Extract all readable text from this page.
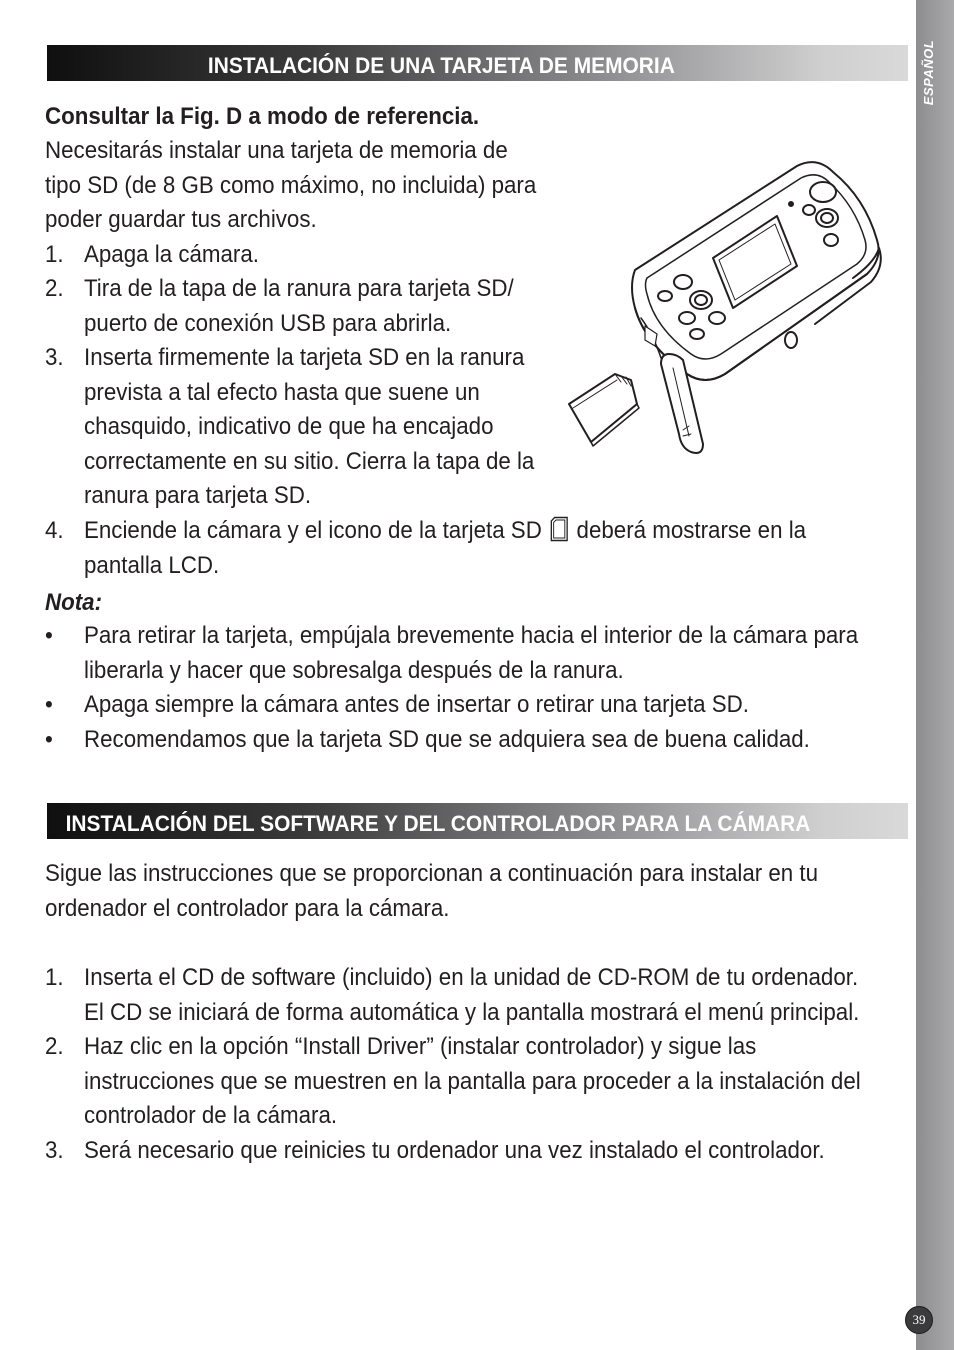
ESPAÑOL
INSTALACIÓN DE UNA TARJETA DE MEMORIA
Consultar la Fig. D a modo de referencia.
Necesitarás instalar una tarjeta de memoria de
tipo SD (de 8 GB como máximo, no incluida) para
poder guardar tus archivos.
1. Apaga la cámara.
2. Tira de la tapa de la ranura para tarjeta SD/
puerto de conexión USB para abrirla.
3. Inserta firmemente la tarjeta SD en la ranura
prevista a tal efecto hasta que suene un
chasquido, indicativo de que ha encajado
correctamente en su sitio. Cierra la tapa de la
ranura para tarjeta SD.
4. Enciende la cámara y el icono de la tarjeta SD deberá mostrarse en la
pantalla LCD.
Nota:
• Para retirar la tarjeta, empújala brevemente hacia el interior de la cámara para
liberarla y hacer que sobresalga después de la ranura.
• Apaga siempre la cámara antes de insertar o retirar una tarjeta SD.
• Recomendamos que la tarjeta SD que se adquiera sea de buena calidad.
INSTALACIÓN DEL SOFTWARE Y DEL CONTROLADOR PARA LA CÁMARA
Sigue las instrucciones que se proporcionan a continuación para instalar en tu
ordenador el controlador para la cámara.
1. Inserta el CD de software (incluido) en la unidad de CD-ROM de tu ordenador.
El CD se iniciará de forma automática y la pantalla mostrará el menú principal.
2. Haz clic en la opción “Install Driver” (instalar controlador) y sigue las
instrucciones que se muestren en la pantalla para proceder a la instalación del
controlador de la cámara.
3. Será necesario que reinicies tu ordenador una vez instalado el controlador.
39
